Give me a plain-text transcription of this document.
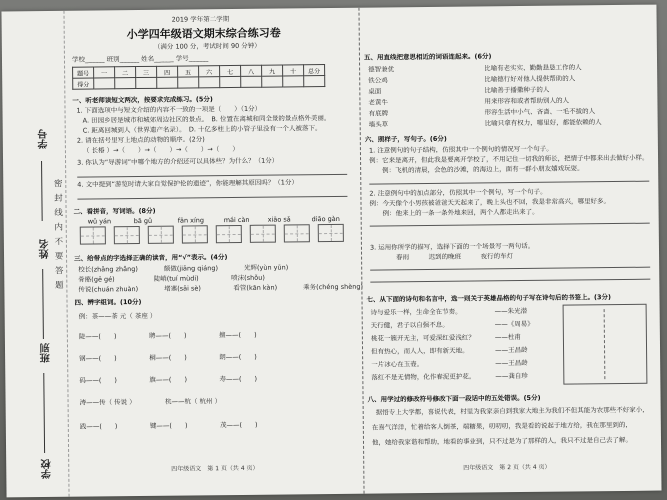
学号
姓名
班别
学校
密封线内不要答题
2019 学年第二学期
小学四年级语文期末综合练习卷
（满分 100 分，考试时间 90 分钟）
学校______ 班别______ 姓名______ 学号______
题号	一	二	三	四	五	六	七	八	九	十	总分
得分											
一、听老师读短文两次，按要求完成练习。(5分)
1. 下面选项中与短文介绍的内容不一致的一项是（　　）（1分）
A. 田园乡居是城市和城郊周边社区的景点。　B. 位置在离城和同全景的景点格外美丽。
C. 距离回城到人（世界遗产名录）。　D. 十亿多柱上的小管子里没有一个人被落下。
2. 请在括号里写上地点的动物的顺序。(2分)
（ 长椿 ）→（　　）→（　　）→（　　）→（　　）
3. 你认为“导游词”中哪个地方的介绍还可以具体些？为什么？（1分）
4. 文中提到“游览时请大家自觉保护伦的遗迹”，你能理解其原因吗？（1分）
二、看拼音，写词语。(8分)
wǔ yán	bā gǔ	fān xíng	mái càn	xiāo sǎ	diāo gàn
三、给带点的字选择正确的读音，用“√”表示。(4分)
校长(zhǎng zhǎng)　　　　颇做(jiāng qiáng)　　　　光辉(yùn yūn)
骨骼(gē gé)　　　　　　陡峭(tuí mùdi)　　　　　喷沫(shǒu)
传说(chuán zhuàn)　　　　堵塞(sāi sè)　　　　　看管(kān kàn)　　　　乘务(chéng shèng)
四、辨字组词。(10分)
例：茶——茶 元（ 茶座 ）
陡——(　　)　　　　　聘——(　　)　　　　　擅——(　　)
钢——(　　)　　　　　桐——(　　)　　　　　朗——(　　)
码——(　　)　　　　　旗——(　　)　　　　　寿——(　　)
涛——传（ 传说 ）　　　　　杭——杭（ 杭州 ）
践——(　　)　　　　　键——(　　)　　　　　茂——(　　)
四年级语文　第 1 页（共 4 页）
五、用直线把意思相近的词语连起来。(6分)
德智兼优	比喻有老实实、勤勤恳恳工作的人
铁公鸡	比喻德行好对他人提供帮助的人
桌面	比喻善于播撒种子的人
老黄牛	用来形容和或者帮助别人的人
有底牌	形容生活中小气、吝啬、一毛不拔的人
墙头草	比喻只拿有权力，哪里好，都能依赖的人
六、照样子，写句子。(6分)
1. 注意例句的句子结构，仿照其中一个例句的情况写一个句子。
例：它来是离开，但此我是要离开学校了，不用记住一切我的师长，把情子中都来出去做好小样。
　　例：飞机的清晨，会色的沙滩，的海边上，面有一群小朋友嬉戏玩耍。
2. 注意例句中的加点部分，仿照其中一个例句，写一个句子。
例：今天像个小男孩被爸爸天天起来了，晚上头也不回，我是非常高兴，哪里好多。
　　例：他来上的一条一条外地来回，两个人都走出来了。
3. 运用你所学的描写，选择下面的一个场景写一两句话。
　　　　春雨　　　迟到的晚班　　　夜行的车灯
七、从下面的诗句和名言中，选一则关于英雄品格的句子写在诗句后的书签上。(3分)
诗与爱乐一样，生命全在节奏。	——朱光潜
天行健，君子以自强不息。	——《周易》
桃花一簇开无主，可爱深红爱浅红？	——杜甫
但有热心，而人人，即有新天地。	——王昌龄
一片冰心在玉壶。	——王昌龄
落红不是无情物，化作春泥更护花。	——龚自珍
八、用学过的修改符号修改下面一段话中的五处错误。(5分)
据悟专上大学都，喜说代表，村里为我家亲自到我家大地主为我们不但其能为农那些不好家小，
在喜气洋洋，忙着给客人倒茶，端糖果，叨叨叨，我是看的说起于地方给，我在那里到的，
他，她给我家谐和帮助，地看的事业到，只不过是为了那样的人，我只不过是自己去了解。
四年级语文　第 2 页（共 4 页）
